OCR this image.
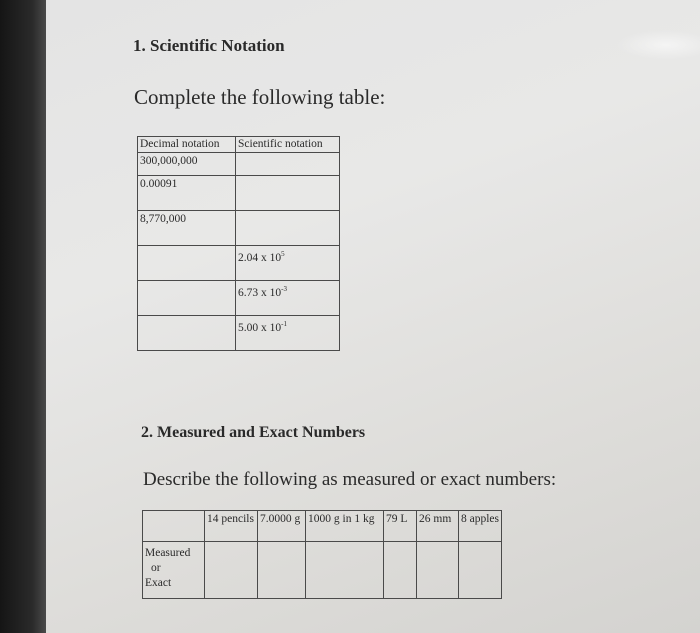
1. Scientific Notation
Complete the following table:
Decimal notation	Scientific notation
300,000,000	
0.00091	
8,770,000	
	2.04 x $10^5$
	6.73 x $10^{-3}$
	5.00 x $10^{-1}$
2. Measured and Exact Numbers
Describe the following as measured or exact numbers:
	14 pencils	7.0000 g	1000 g in 1 kg	79 L	26 mm	8 apples

Measured
or
Exact						
